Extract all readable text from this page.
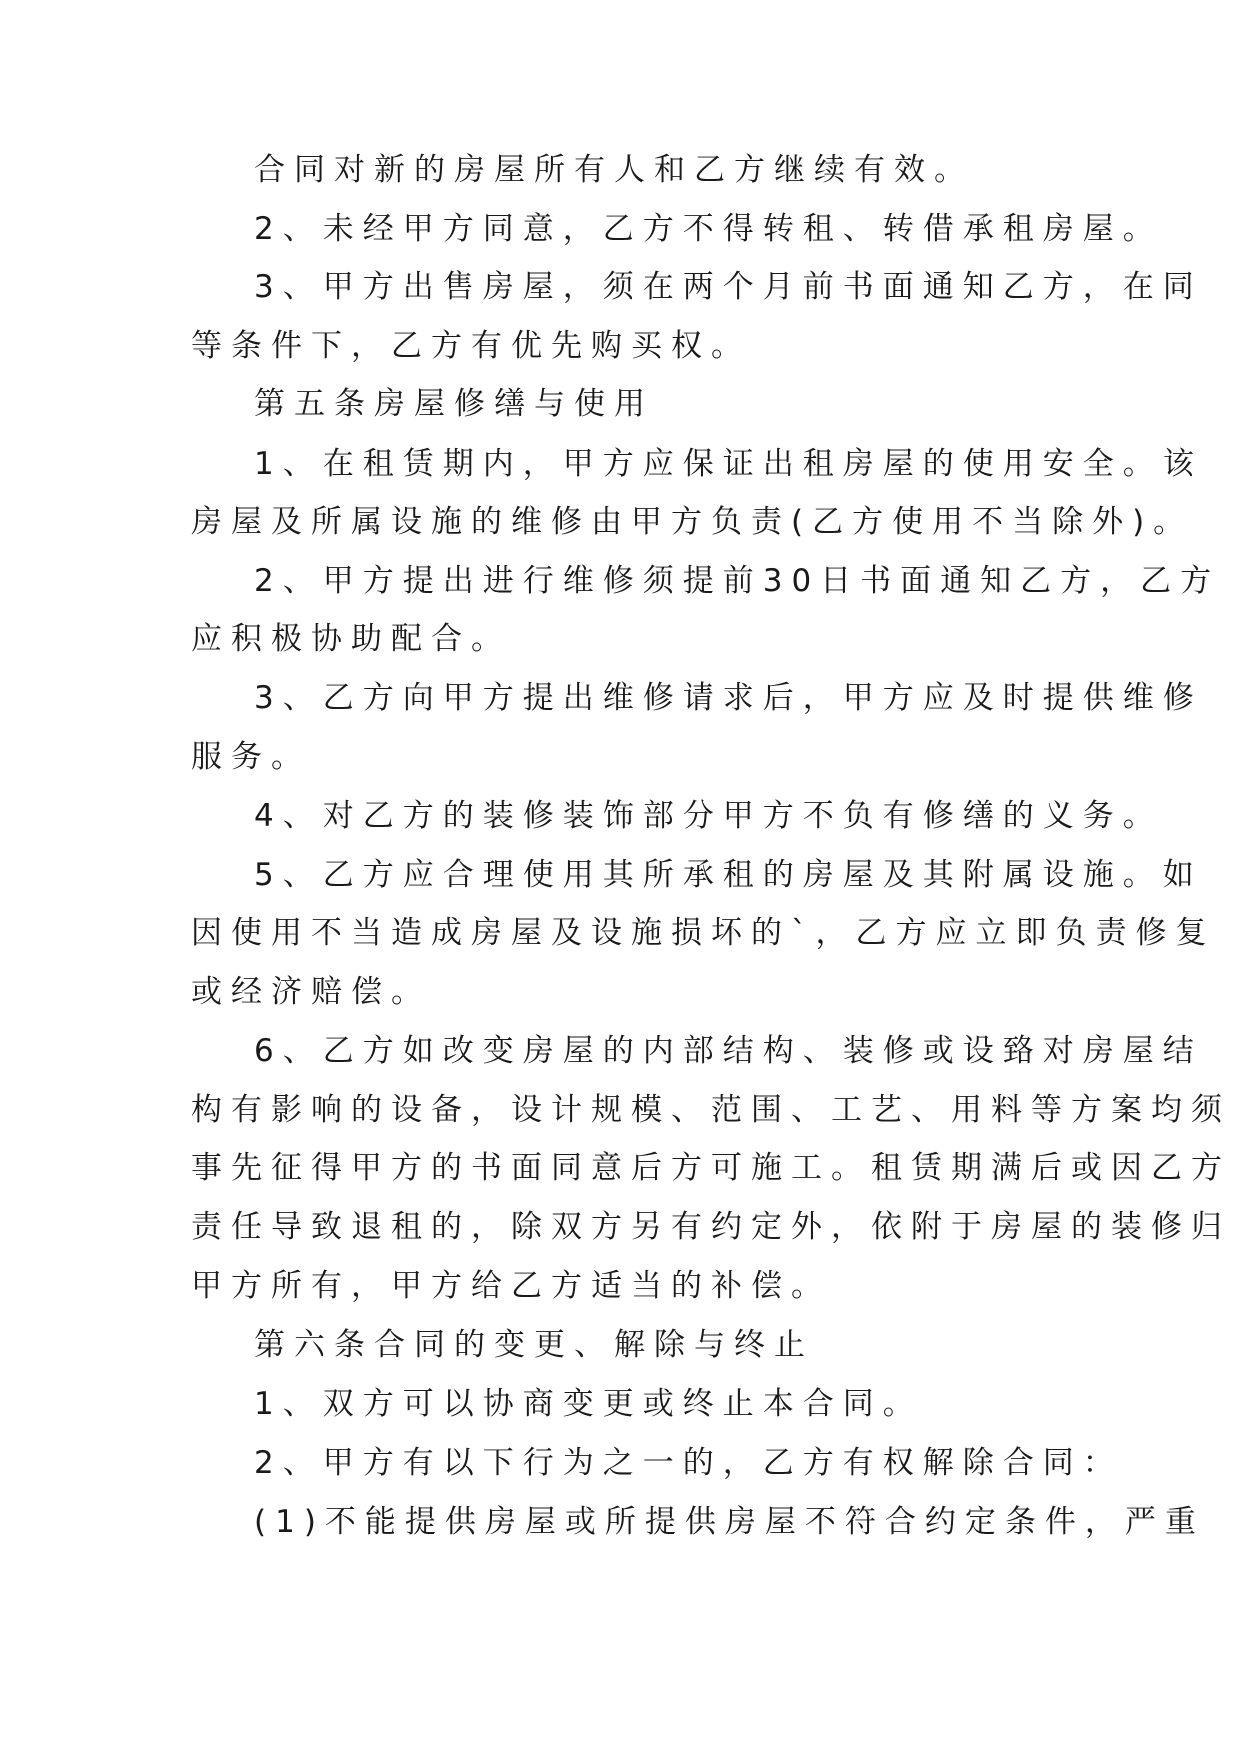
合同对新的房屋所有人和乙方继续有效。
2、未经甲方同意，乙方不得转租、转借承租房屋。
3、甲方出售房屋，须在两个月前书面通知乙方，在同
等条件下，乙方有优先购买权。
第五条房屋修缮与使用
1、在租赁期内，甲方应保证出租房屋的使用安全。该
房屋及所属设施的维修由甲方负责(乙方使用不当除外)。
2、甲方提出进行维修须提前30日书面通知乙方，乙方
应积极协助配合。
3、乙方向甲方提出维修请求后，甲方应及时提供维修
服务。
4、对乙方的装修装饰部分甲方不负有修缮的义务。
5、乙方应合理使用其所承租的房屋及其附属设施。如
因使用不当造成房屋及设施损坏的`，乙方应立即负责修复
或经济赔偿。
6、乙方如改变房屋的内部结构、装修或设臵对房屋结
构有影响的设备，设计规模、范围、工艺、用料等方案均须
事先征得甲方的书面同意后方可施工。租赁期满后或因乙方
责任导致退租的，除双方另有约定外，依附于房屋的装修归
甲方所有，甲方给乙方适当的补偿。
第六条合同的变更、解除与终止
1、双方可以协商变更或终止本合同。
2、甲方有以下行为之一的，乙方有权解除合同：
(1)不能提供房屋或所提供房屋不符合约定条件，严重
